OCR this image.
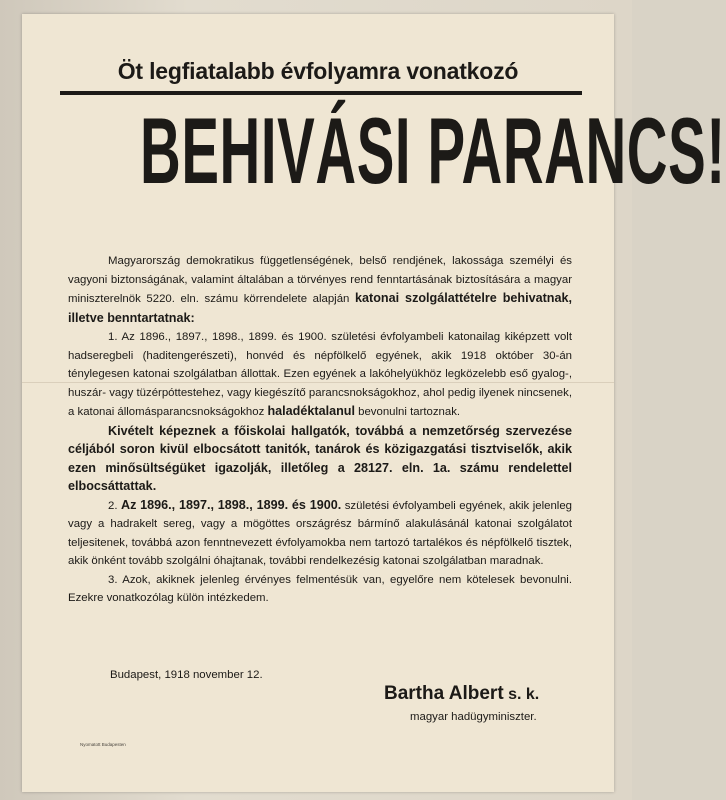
Öt legfiatalabb évfolyamra vonatkozó
BEHIVÁSI PARANCS!

Magyarország demokratikus függetlenségének, belső rendjének, lakossága személyi és vagyoni biztonságának, valamint általában a törvényes rend fenntartásának biztosítására a magyar miniszterelnök 5220. eln. számu körrendelete alapján katonai szolgálattételre behivatnak, illetve benntartatnak:

1. Az 1896., 1897., 1898., 1899. és 1900. születési évfolyambeli katonailag kiképzett volt hadseregbeli (haditengerészeti), honvéd és népfölkelő egyének, akik 1918 október 30-án ténylegesen katonai szolgálatban állottak. Ezen egyének a lakóhelyükhöz legközelebb eső gyalog-, huszár- vagy tüzérpóttestehez, vagy kiegészítő parancsnokságokhoz, ahol pedig ilyenek nincsenek, a katonai állomásparancsnokságokhoz haladéktalanul bevonulni tartoznak.

Kivételt képeznek a főiskolai hallgatók, továbbá a nemzetőrség szervezése céljából soron kivül elbocsátott tanitók, tanárok és közigazgatási tisztviselők, akik ezen minősültségüket igazolják, illetőleg a 28127. eln. 1a. számu rendelettel elbocsáttattak.

2. Az 1896., 1897., 1898., 1899. és 1900. születési évfolyambeli egyének, akik jelenleg vagy a hadrakelt sereg, vagy a mögöttes országrész bármínő alakulásánál katonai szolgálatot teljesitenek, továbbá azon fenntnevezett évfolyamokba nem tartozó tartalékos és népfölkelő tisztek, akik önként tovább szolgálni óhajtanak, további rendelkezésig katonai szolgálatban maradnak.

3. Azok, akiknek jelenleg érvényes felmentésük van, egyelőre nem kötelesek bevonulni. Ezekre vonatkozólag külön intézkedem.

Budapest, 1918 november 12.
Bartha Albert s. k.
magyar hadügyminiszter.
Nyomatott Budapesten
